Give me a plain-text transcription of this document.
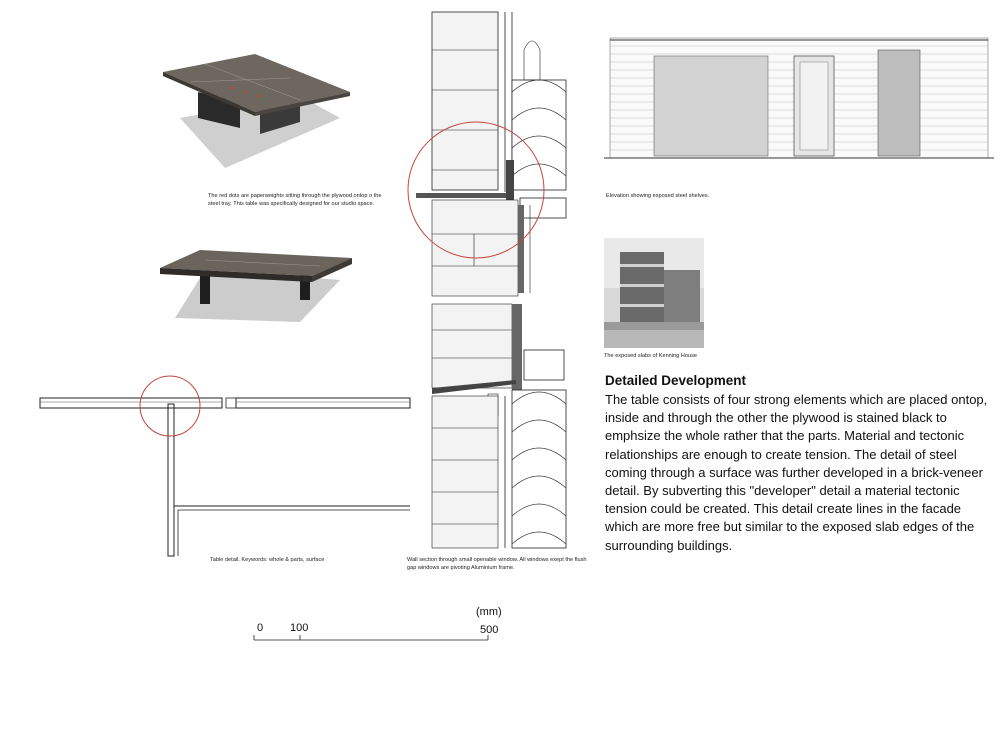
The red dots are paperweights sitting through the plywood ontop o the steel tray. This table was specifically designed for our studio space.
Table detail. Keywords: whole & parts, surface	Wall section through small openable window. All windows exept the flush gap windows are pivoting Aluminium frame.
Elevation showing exposed steel shelves.
The exposed slabs of Kenning House
Detailed Development
The table consists of four strong elements which are placed ontop, inside and through the other the plywood is stained black to emphsize the whole rather that the parts. Material and tectonic relationships are enough to create tension. The detail of steel coming through a surface was further developed in a brick-veneer detail. By subverting this "developer" detail a material tectonic tension could be created. This detail create lines in the facade which are more free but similar to the exposed slab edges of the surrounding buildings.
(mm)
0 100	500
